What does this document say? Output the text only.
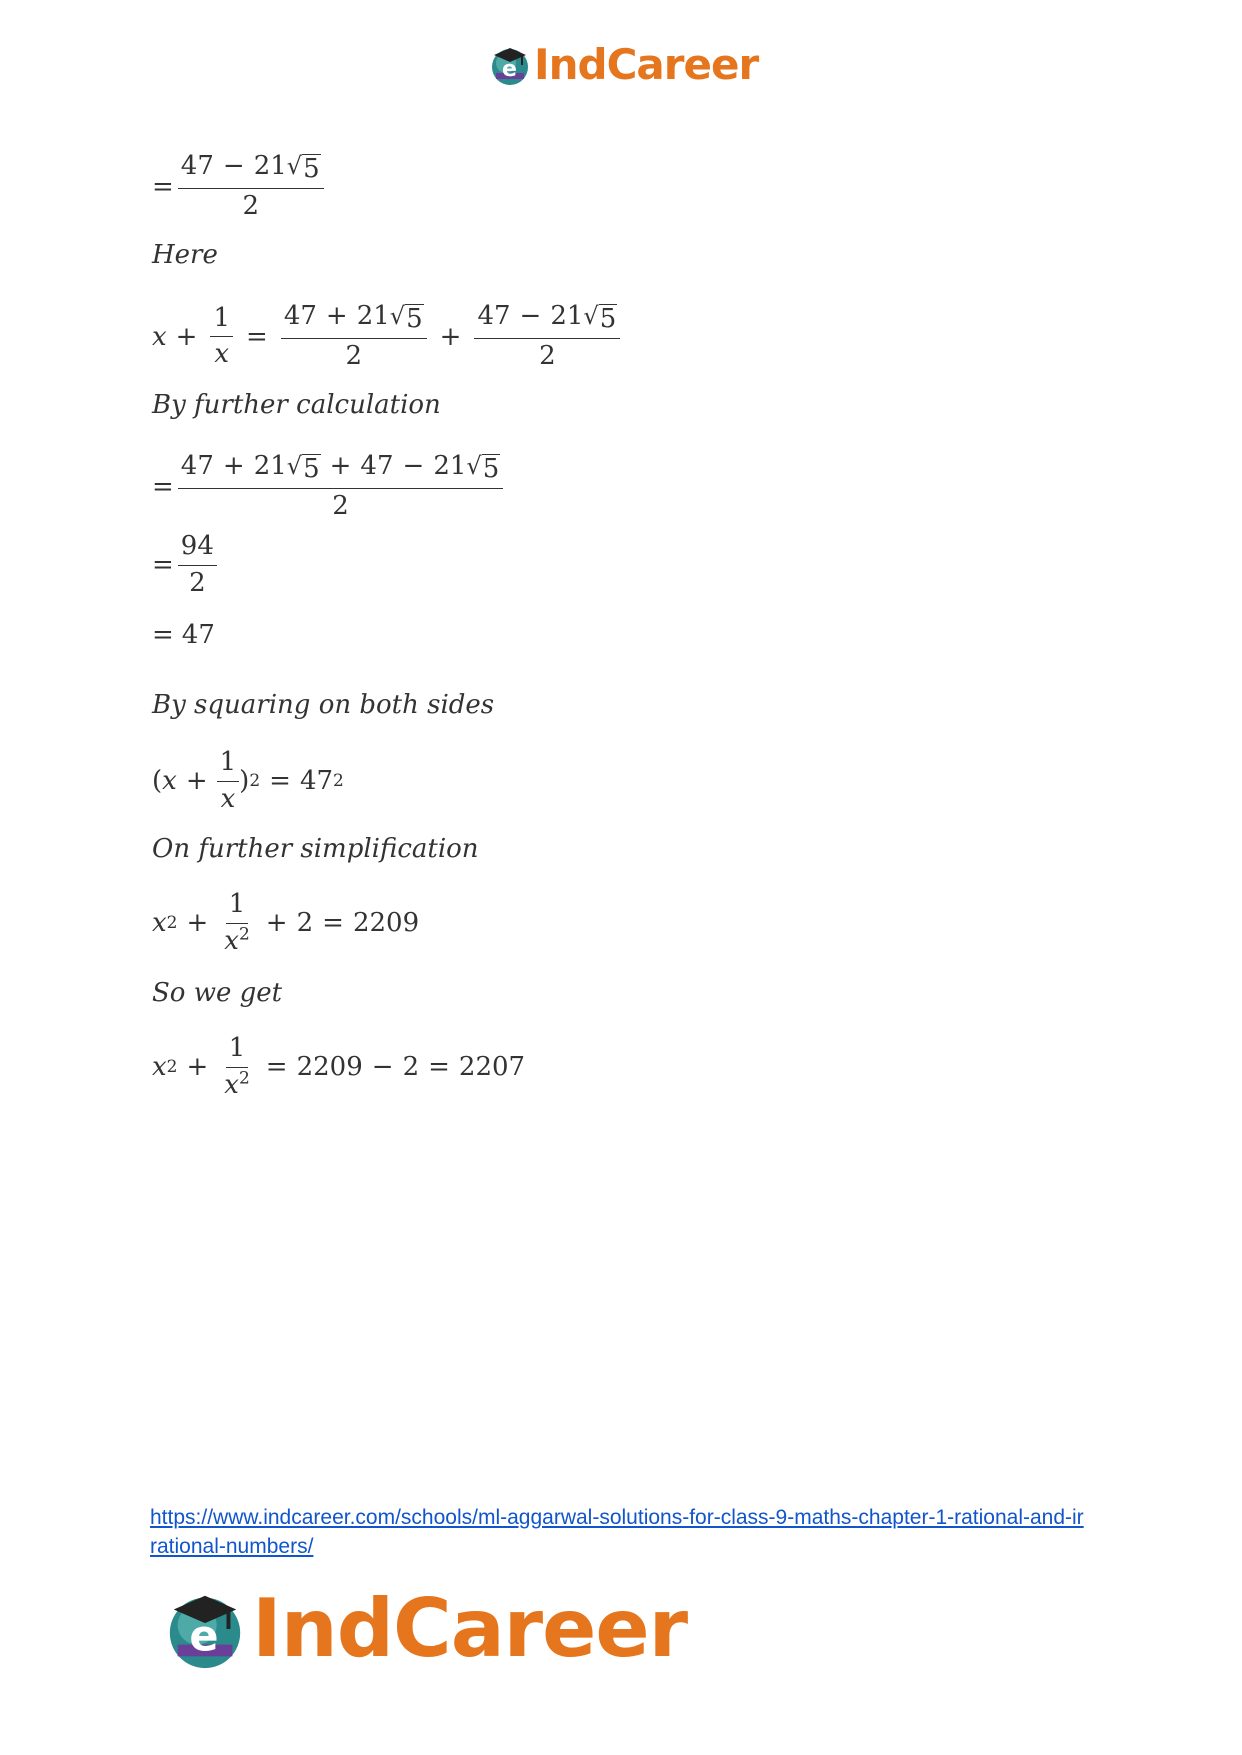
e IndCareer
= $\frac{47 - 21 √ 5}{2}$
Here
$x + \frac{1}{x} = \frac{47 + 21 √ 5}{2} + \frac{47 - 21 √ 5}{2}$
By further calculation
= $\frac{47 + 21 √ 5 + 47 - 21 √ 5}{2}$
= $\frac{94}{2}$
= 47
By squaring on both sides
( $x + \frac{1}{x}$ ) 2 = 47 2
On further simplification
x $2 + \frac{1}{x^2} + 2 = 2209$
So we get
x $2 + \frac{1}{x^2} = 2209 - 2 = 2207$
https://www.indcareer.com/schools/ml-aggarwal-solutions-for-class-9-maths-chapter-1-rational-and-irrational-numbers/
e IndCareer
